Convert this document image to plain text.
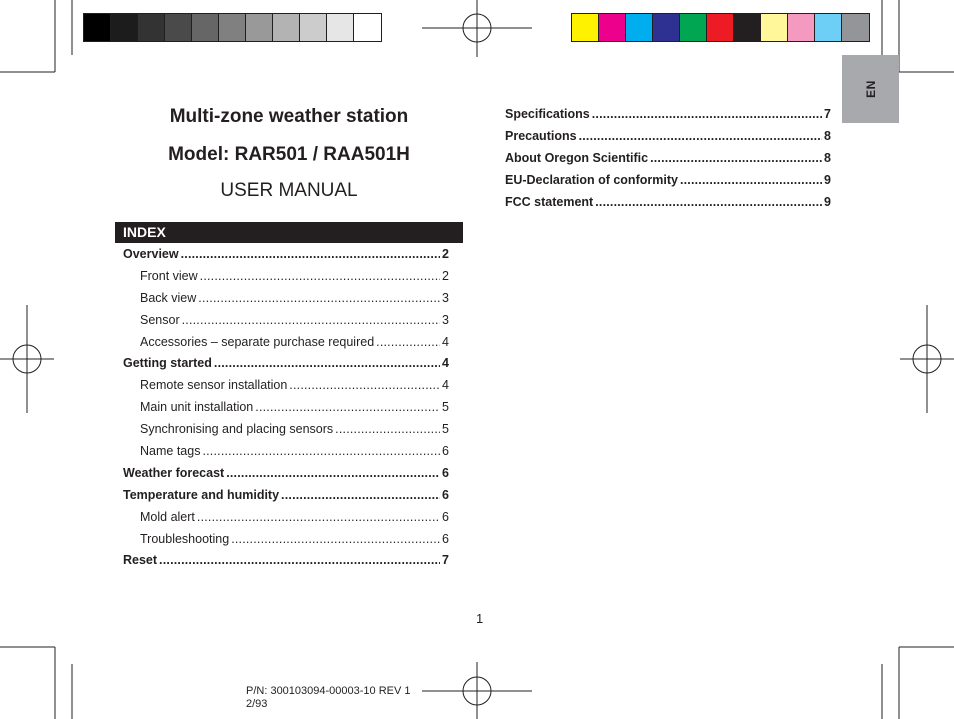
EN
Multi-zone weather station
Model: RAR501 / RAA501H
USER MANUAL
INDEX
Overview .....	2
Front view .....	2
Back view .....	3
Sensor .....	3
Accessories – separate purchase required .....	4
Getting started .....	4
Remote sensor installation .....	4
Main unit installation .....	5
Synchronising and placing sensors .....	5
Name tags .....	6
Weather forecast .....	6
Temperature and humidity .....	6
Mold alert .....	6
Troubleshooting .....	6
Reset .....	7
Specifications .....	7
Precautions .....	8
About Oregon Scientific .....	8
EU-Declaration of conformity .....	9
FCC statement .....	9
1
P/N: 300103094-00003-10 REV 1
2/93
